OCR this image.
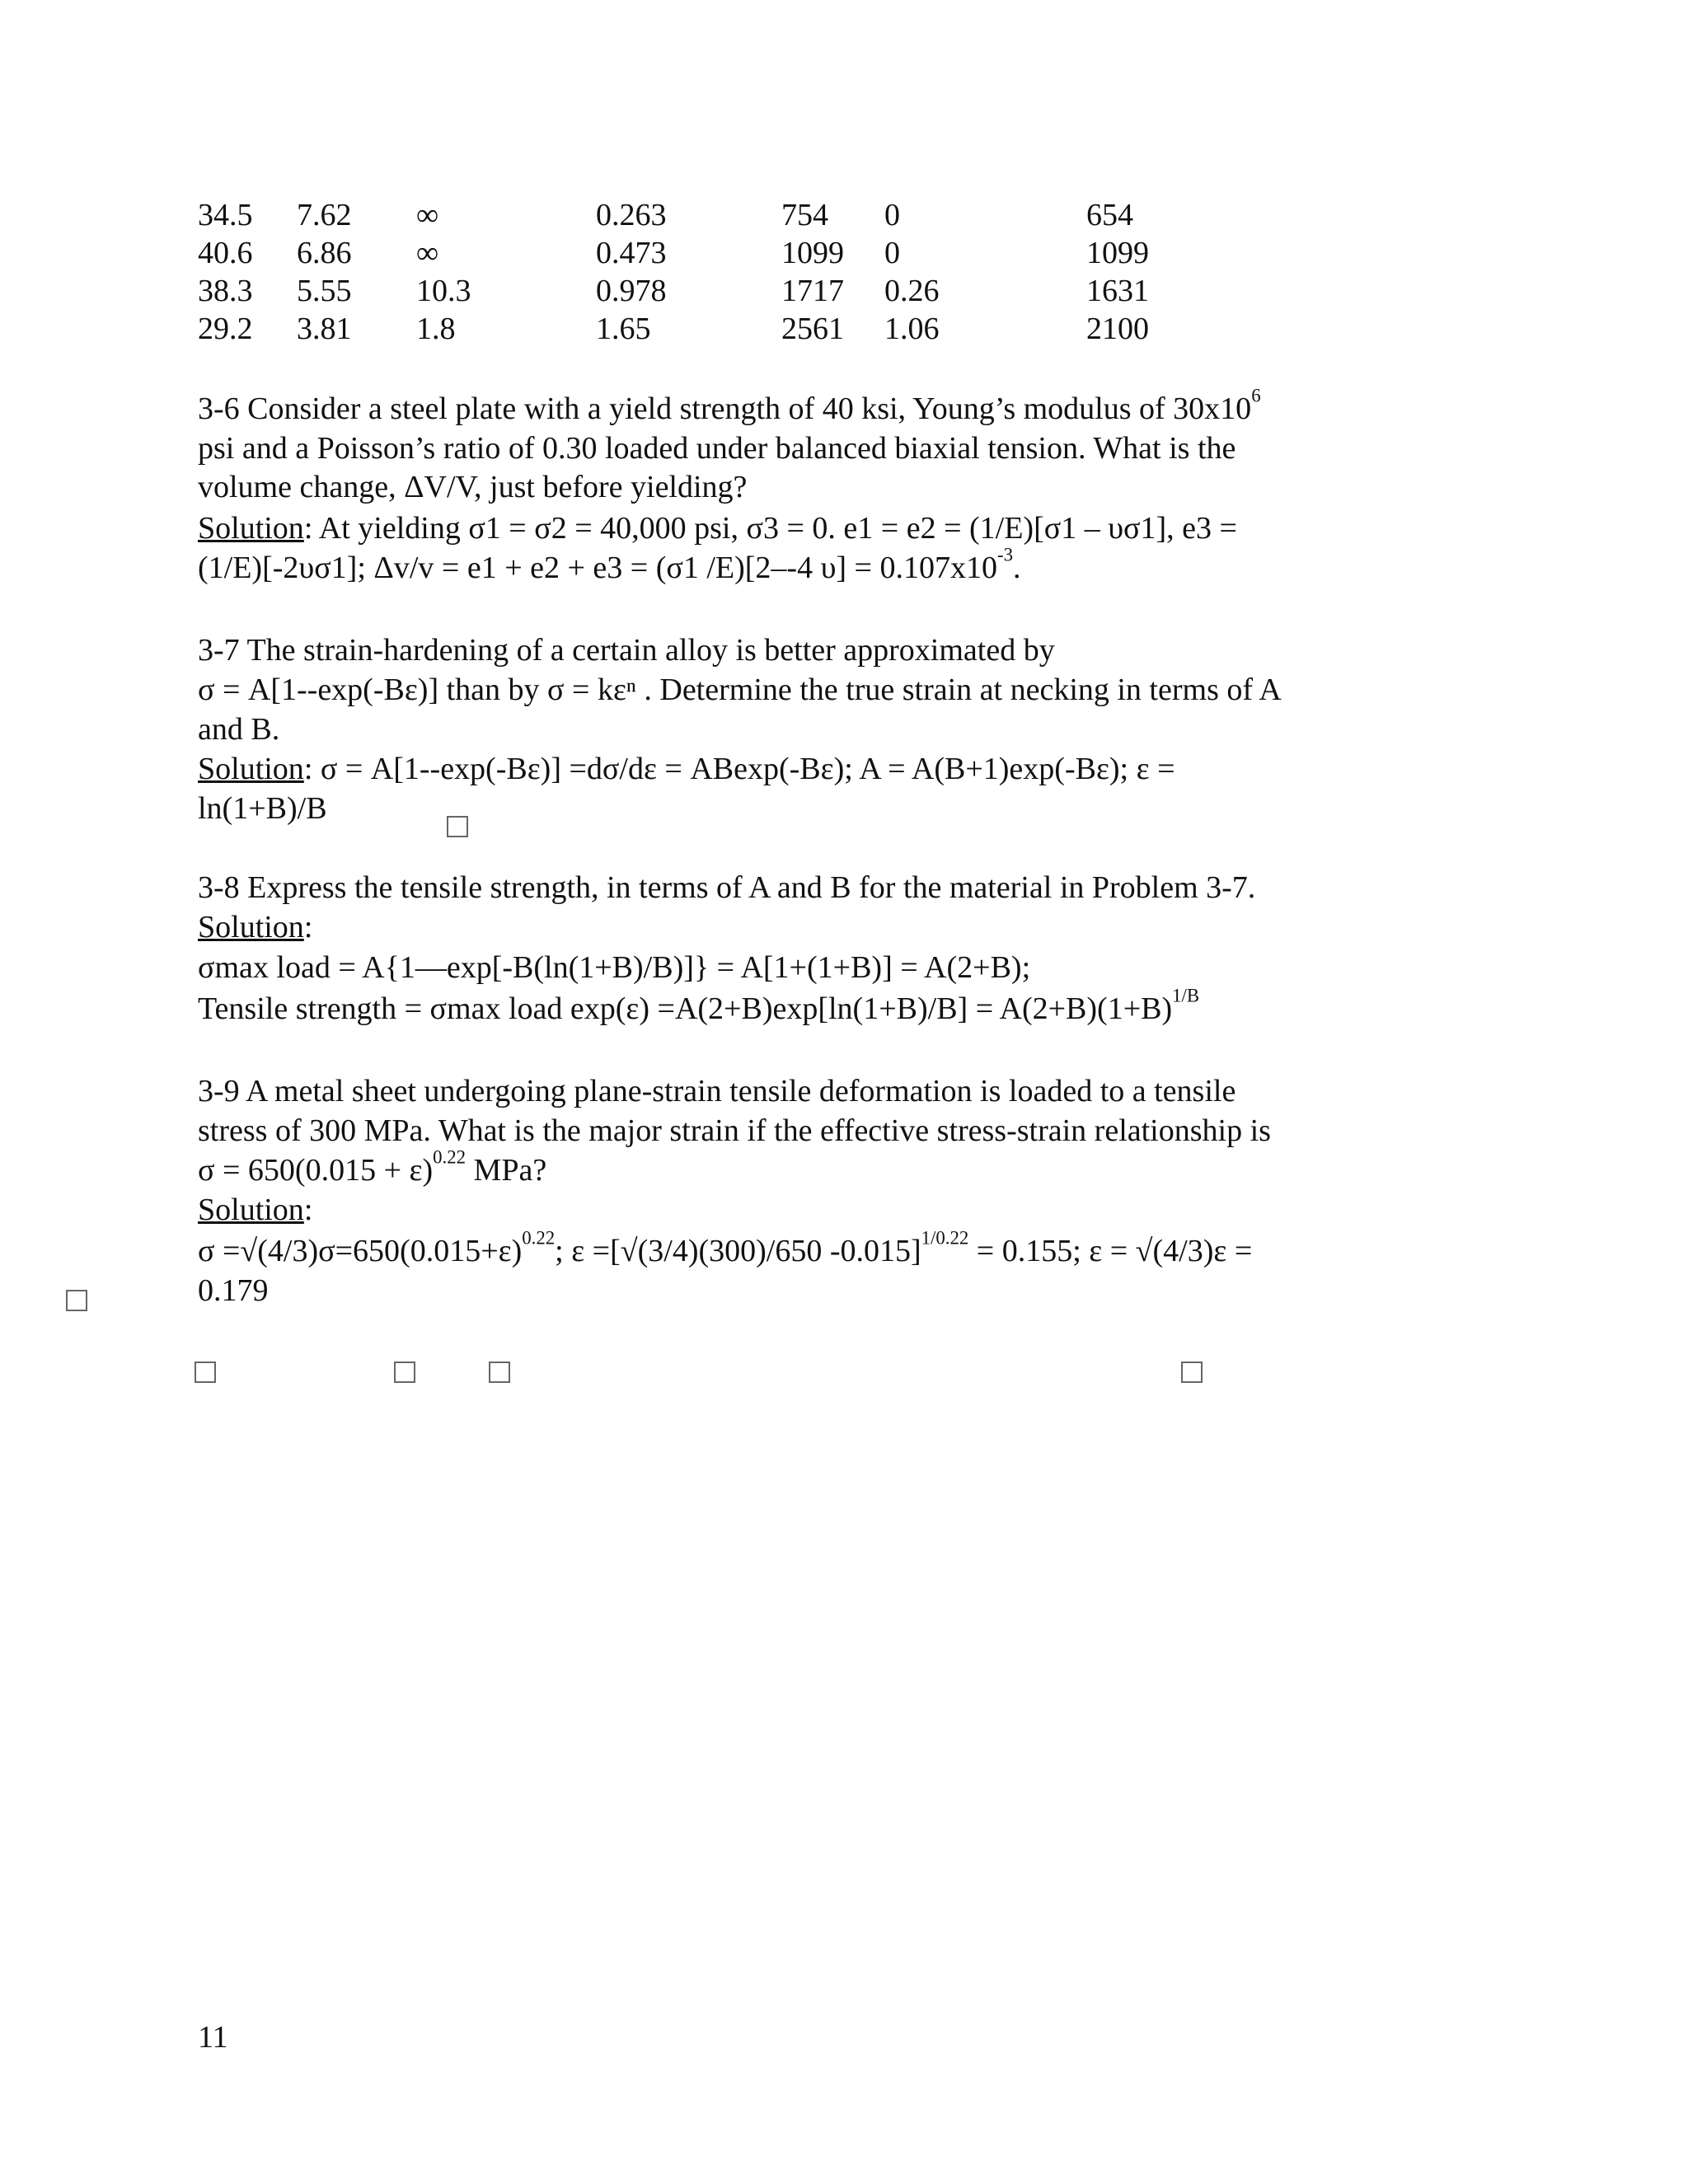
34.5	7.62	∞	0.263	754	0	654
40.6	6.86	∞	0.473	1099	0	1099
38.3	5.55	10.3	0.978	1717	0.26	1631
29.2	3.81	1.8	1.65	2561	1.06	2100
3-6 Consider a steel plate with a yield strength of 40 ksi, Young’s modulus of $30x10^6$
psi and a Poisson’s ratio of 0.30 loaded under balanced biaxial tension. What is the
volume change, ΔV/V, just before yielding?
Solution: At yielding σ1 = σ2 = 40,000 psi, σ3 = 0. e1 = e2 = (1/E)[σ1 – υσ1], e3 =
(1/E)[-2υσ1]; Δv/v = e1 + e2 + e3 = (σ1 /E)[2–-4 $\upsilon] = 0.107x10^{-3}$.
3-7 The strain-hardening of a certain alloy is better approximated by
σ = A[1--exp(-Bε)] than by σ = kεⁿ . Determine the true strain at necking in terms of A
and B.
Solution: σ = A[1--exp(-Bε)] =dσ/dε = ABexp(-Bε); A = A(B+1)exp(-Bε); ε =
ln(1+B)/B
3-8 Express the tensile strength, in terms of A and B for the material in Problem 3-7.
Solution:
σmax load = A{1—exp[-B(ln(1+B)/B)]} = A[1+(1+B)] = A(2+B);
Tensile strength = σmax load $\exp(\varepsilon) =A(2+B)\exp[\ln(1+B)/B] = A(2+B)(1+B)^{1/B}$
3-9 A metal sheet undergoing plane-strain tensile deformation is loaded to a tensile
stress of 300 MPa. What is the major strain if the effective stress-strain relationship is
$\sigma = 650(0.015 + \varepsilon)^{0.22}$ MPa?
Solution:
$\sigma =√(4/3)\sigma=650(0.015+\varepsilon)^{0.22}$; ε =[√(3/4)(300)/650 -0.015]$^{1/0.22}$ = 0.155; ε = √(4/3)ε =
0.179
11
